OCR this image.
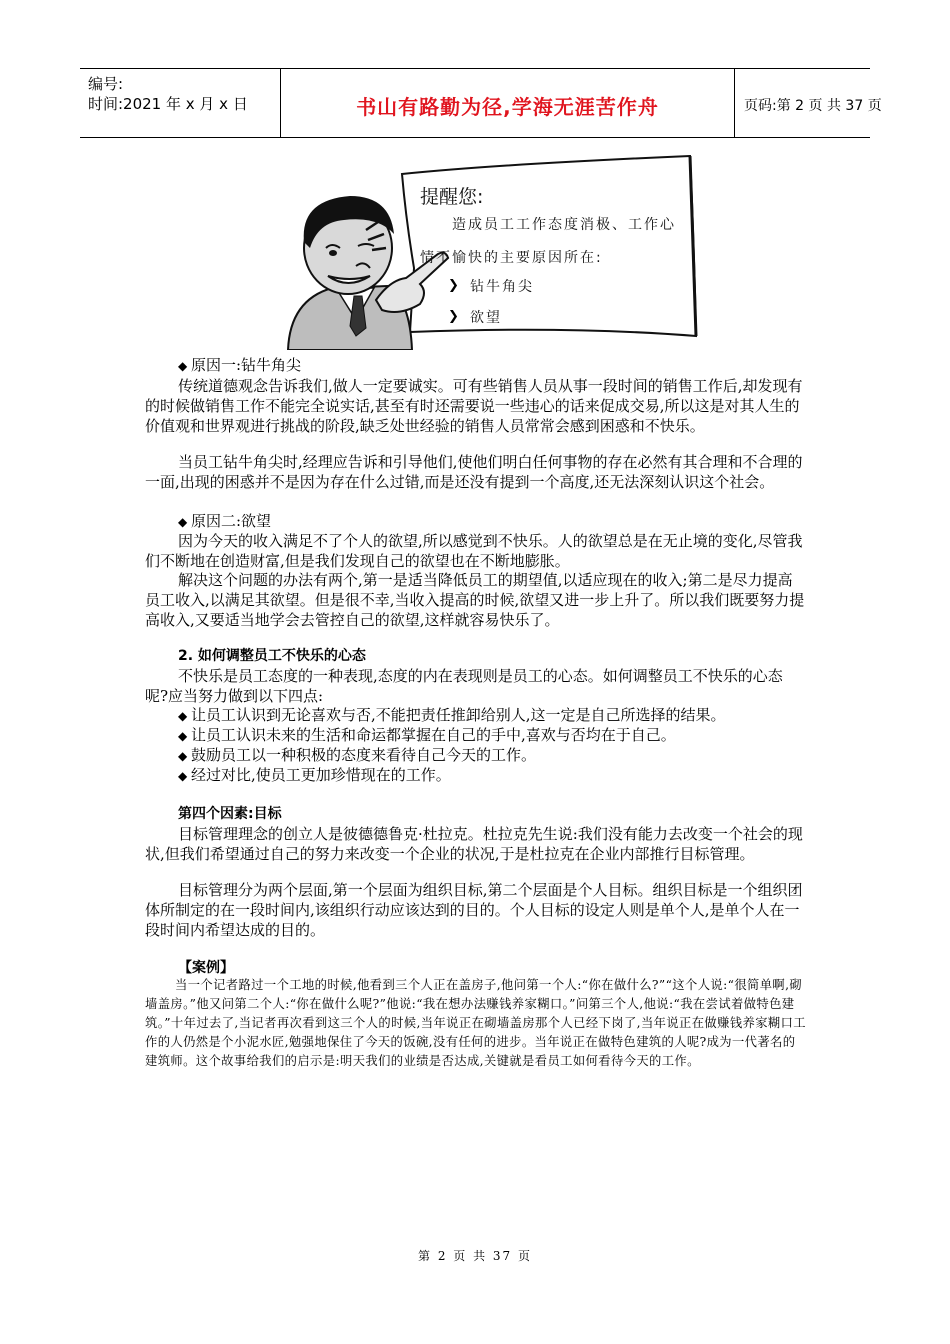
编号:
时间:2021 年 x 月 x 日	书山有路勤为径,学海无涯苦作舟	页码:第 2 页 共 37 页
提醒您:
造成员工工作态度消极、工作心
情不愉快的主要原因所在:
❯ 钻牛角尖
❯ 欲望
◆ 原因一:钻牛角尖

传统道德观念告诉我们,做人一定要诚实。可有些销售人员从事一段时间的销售工作后,却发现有的时候做销售工作不能完全说实话,甚至有时还需要说一些违心的话来促成交易,所以这是对其人生的价值观和世界观进行挑战的阶段,缺乏处世经验的销售人员常常会感到困惑和不快乐。

当员工钻牛角尖时,经理应告诉和引导他们,使他们明白任何事物的存在必然有其合理和不合理的一面,出现的困惑并不是因为存在什么过错,而是还没有提到一个高度,还无法深刻认识这个社会。

◆ 原因二:欲望

因为今天的收入满足不了个人的欲望,所以感觉到不快乐。人的欲望总是在无止境的变化,尽管我们不断地在创造财富,但是我们发现自己的欲望也在不断地膨胀。

解决这个问题的办法有两个,第一是适当降低员工的期望值,以适应现在的收入;第二是尽力提高员工收入,以满足其欲望。但是很不幸,当收入提高的时候,欲望又进一步上升了。所以我们既要努力提高收入,又要适当地学会去管控自己的欲望,这样就容易快乐了。

2. 如何调整员工不快乐的心态

不快乐是员工态度的一种表现,态度的内在表现则是员工的心态。如何调整员工不快乐的心态呢?应当努力做到以下四点:

◆ 让员工认识到无论喜欢与否,不能把责任推卸给别人,这一定是自己所选择的结果。
◆ 让员工认识未来的生活和命运都掌握在自己的手中,喜欢与否均在于自己。
◆ 鼓励员工以一种积极的态度来看待自己今天的工作。
◆ 经过对比,使员工更加珍惜现在的工作。
第四个因素:目标

目标管理理念的创立人是彼德德鲁克·杜拉克。杜拉克先生说:我们没有能力去改变一个社会的现状,但我们希望通过自己的努力来改变一个企业的状况,于是杜拉克在企业内部推行目标管理。

目标管理分为两个层面,第一个层面为组织目标,第二个层面是个人目标。组织目标是一个组织团体所制定的在一段时间内,该组织行动应该达到的目的。个人目标的设定人则是单个人,是单个人在一段时间内希望达成的目的。

【案例】

当一个记者路过一个工地的时候,他看到三个人正在盖房子,他问第一个人:“你在做什么?”“这个人说:“很简单啊,砌墙盖房。”他又问第二个人:“你在做什么呢?”他说:“我在想办法赚钱养家糊口。”问第三个人,他说:“我在尝试着做特色建筑。”十年过去了,当记者再次看到这三个人的时候,当年说正在砌墙盖房那个人已经下岗了,当年说正在做赚钱养家糊口工作的人仍然是个小泥水匠,勉强地保住了今天的饭碗,没有任何的进步。当年说正在做特色建筑的人呢?成为一代著名的建筑师。这个故事给我们的启示是:明天我们的业绩是否达成,关键就是看员工如何看待今天的工作。

第 2 页 共 37 页
